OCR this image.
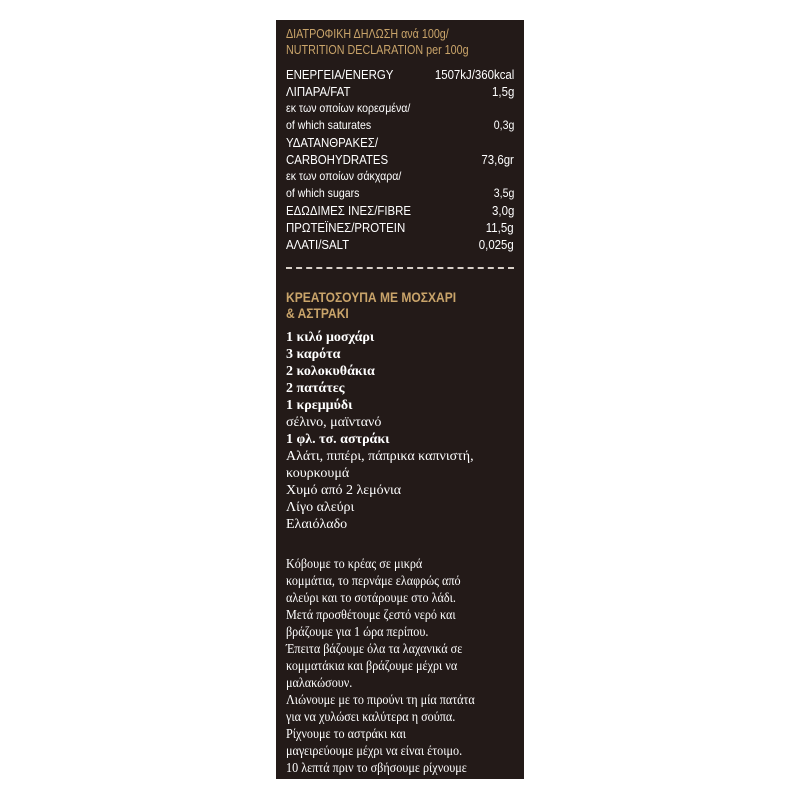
ΔΙΑΤΡΟΦΙΚΗ ΔΗΛΩΣΗ ανά 100g/
NUTRITION DECLARATION per 100g
ΕΝΕΡΓΕΙΑ/ENERGY	1507kJ/360kcal
ΛΙΠΑΡΑ/FAT	1,5g
εκ των οποίων κορεσμένα/
of which saturates	0,3g
ΥΔΑΤΑΝΘΡΑΚΕΣ/
CARBOHYDRATES	73,6gr
εκ των οποίων σάκχαρα/
of which sugars	3,5g
ΕΔΩΔΙΜΕΣ ΙΝΕΣ/FIBRE	3,0g
ΠΡΩΤΕΪΝΕΣ/PROTEIN	11,5g
ΑΛΑΤΙ/SALT	0,025g
ΚΡΕΑΤΟΣΟΥΠΑ ΜΕ ΜΟΣΧΑΡΙ
& ΑΣΤΡΑΚΙ
1 κιλό μοσχάρι
3 καρότα
2 κολοκυθάκια
2 πατάτες
1 κρεμμύδι
σέλινο, μαϊντανό
1 φλ. τσ. αστράκι
Αλάτι, πιπέρι, πάπρικα καπνιστή,
κουρκουμά
Χυμό από 2 λεμόνια
Λίγο αλεύρι
Ελαιόλαδο
Κόβουμε το κρέας σε μικρά
κομμάτια, το περνάμε ελαφρώς από
αλεύρι και το σοτάρουμε στο λάδι.
Μετά προσθέτουμε ζεστό νερό και
βράζουμε για 1 ώρα περίπου.
Έπειτα βάζουμε όλα τα λαχανικά σε
κομματάκια και βράζουμε μέχρι να
μαλακώσουν.
Λιώνουμε με το πιρούνι τη μία πατάτα
για να χυλώσει καλύτερα η σούπα.
Ρίχνουμε το αστράκι και
μαγειρεύουμε μέχρι να είναι έτοιμο.
10 λεπτά πριν το σβήσουμε ρίχνουμε
τα μπαχαρικά και το λεμόνι.
